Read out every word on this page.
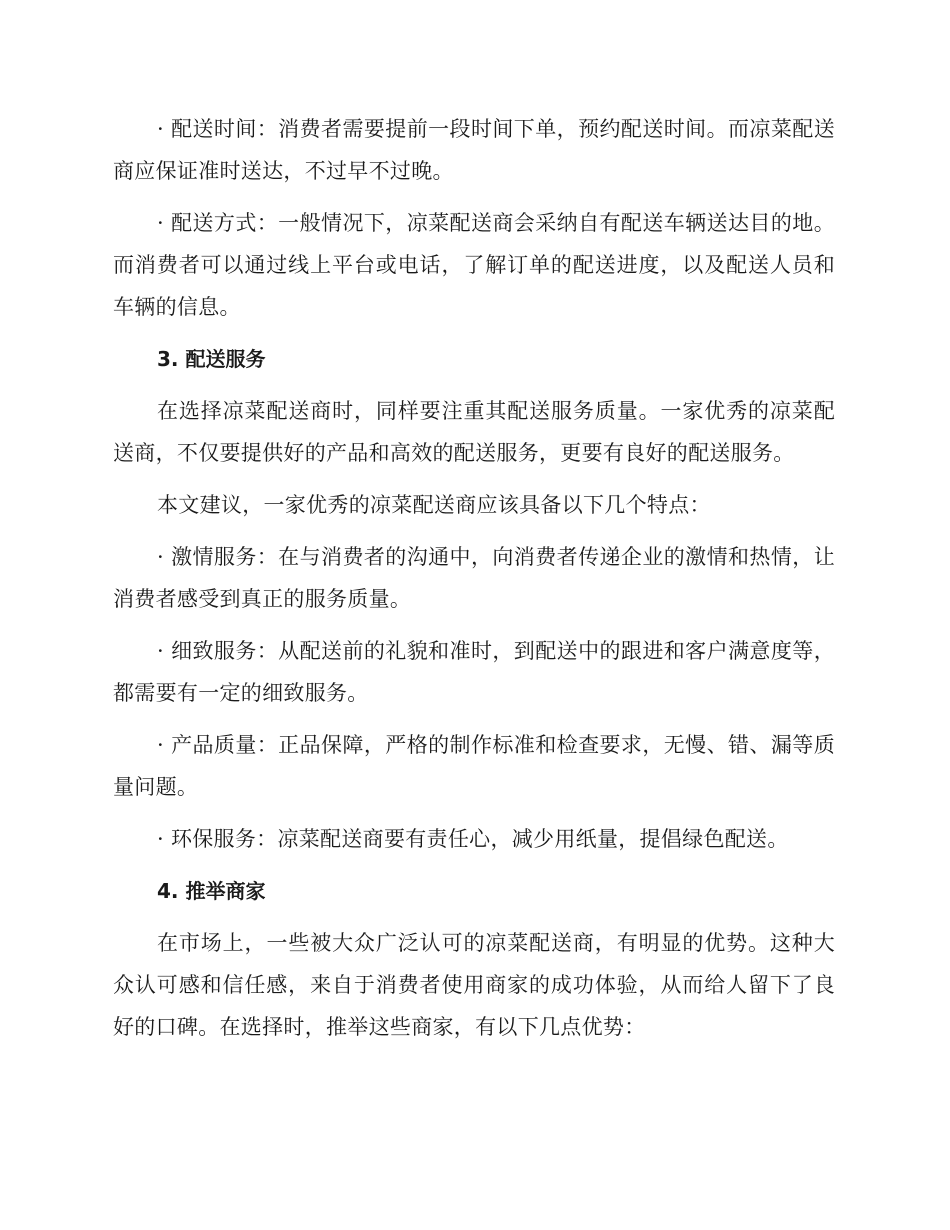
· 配送时间：消费者需要提前一段时间下单，预约配送时间。而凉菜配送商应保证准时送达，不过早不过晚。

· 配送方式：一般情况下，凉菜配送商会采纳自有配送车辆送达目的地。而消费者可以通过线上平台或电话，了解订单的配送进度，以及配送人员和车辆的信息。

3. 配送服务

在选择凉菜配送商时，同样要注重其配送服务质量。一家优秀的凉菜配送商，不仅要提供好的产品和高效的配送服务，更要有良好的配送服务。

本文建议，一家优秀的凉菜配送商应该具备以下几个特点：

· 激情服务：在与消费者的沟通中，向消费者传递企业的激情和热情，让消费者感受到真正的服务质量。

· 细致服务：从配送前的礼貌和准时，到配送中的跟进和客户满意度等，都需要有一定的细致服务。

· 产品质量：正品保障，严格的制作标准和检查要求，无慢、错、漏等质量问题。

· 环保服务：凉菜配送商要有责任心，减少用纸量，提倡绿色配送。

4. 推举商家

在市场上，一些被大众广泛认可的凉菜配送商，有明显的优势。这种大众认可感和信任感，来自于消费者使用商家的成功体验，从而给人留下了良好的口碑。在选择时，推举这些商家，有以下几点优势：
